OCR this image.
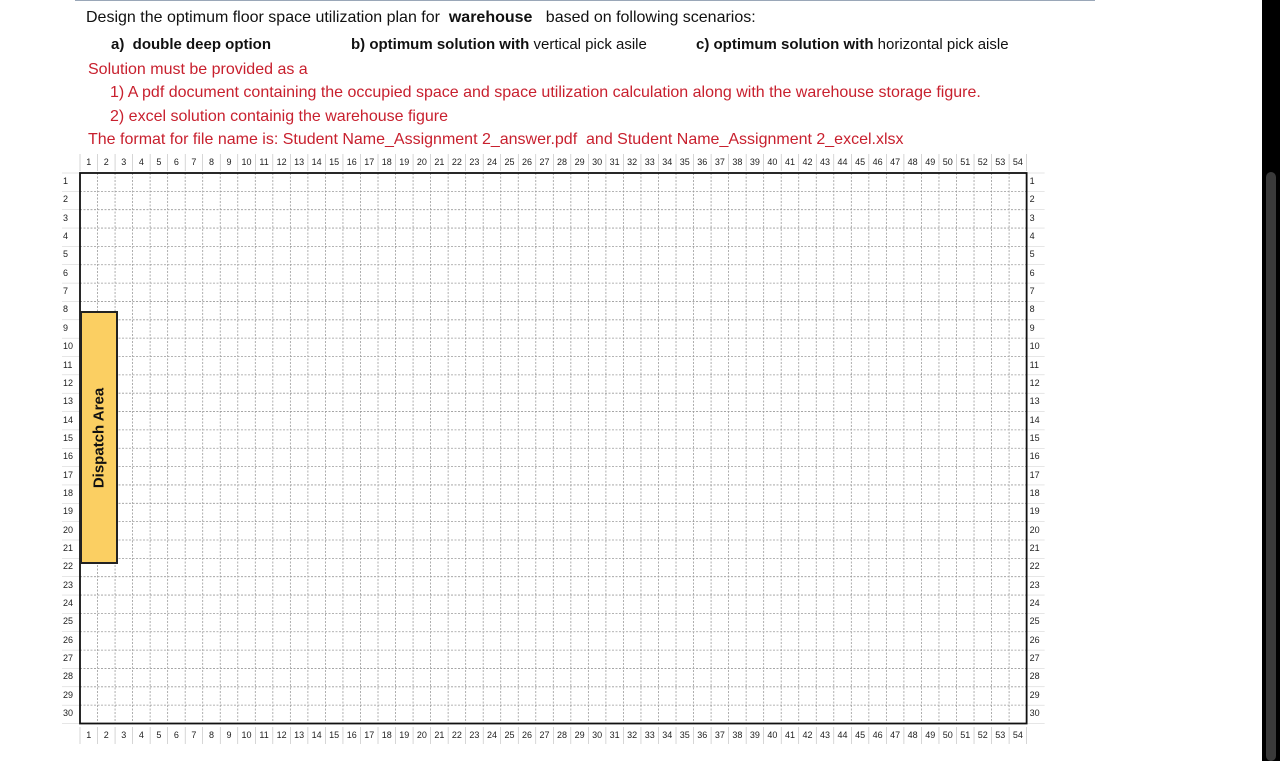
Design the optimum floor space utilization plan for warehouse based on following scenarios:
a)  double deep option	b) optimum solution with vertical pick asile	c) optimum solution with horizontal pick aisle
Solution must be provided as a
1) A pdf document containing the occupied space and space utilization calculation along with the warehouse storage figure.
2) excel solution containig the warehouse figure
The format for file name is: Student Name_Assignment 2_answer.pdf  and Student Name_Assignment 2_excel.xlsx
1	2	3	4	5	6	7	8	9	10 11 12 13 14 15 16 17 18 19 20 21 22 23 24 25 26 27 28 29 30 31 32 33 34 35 36 37 38 39 40 41 42 43 44 45 46 47 48 49 50 51 52 53 54
1	2	3	4	5	6	7	8	9	10 11 12 13 14 15 16 17 18 19 20 21 22 23 24 25 26 27 28 29 30 31 32 33 34 35 36 37 38 39 40 41 42 43 44 45 46 47 48 49 50 51 52 53 54
1
2
3
4
5
6
7
8
9
10
11
12
13
14
15
16
17
18
19
20
21
22
23
24
25
26
27
28
29
30
1
2
3
4
5
6
7
8
9
10
11
12
13
14
15
16
17
18
19
20
21
22
23
24
25
26
27
28
29
30
Dispatch Area
